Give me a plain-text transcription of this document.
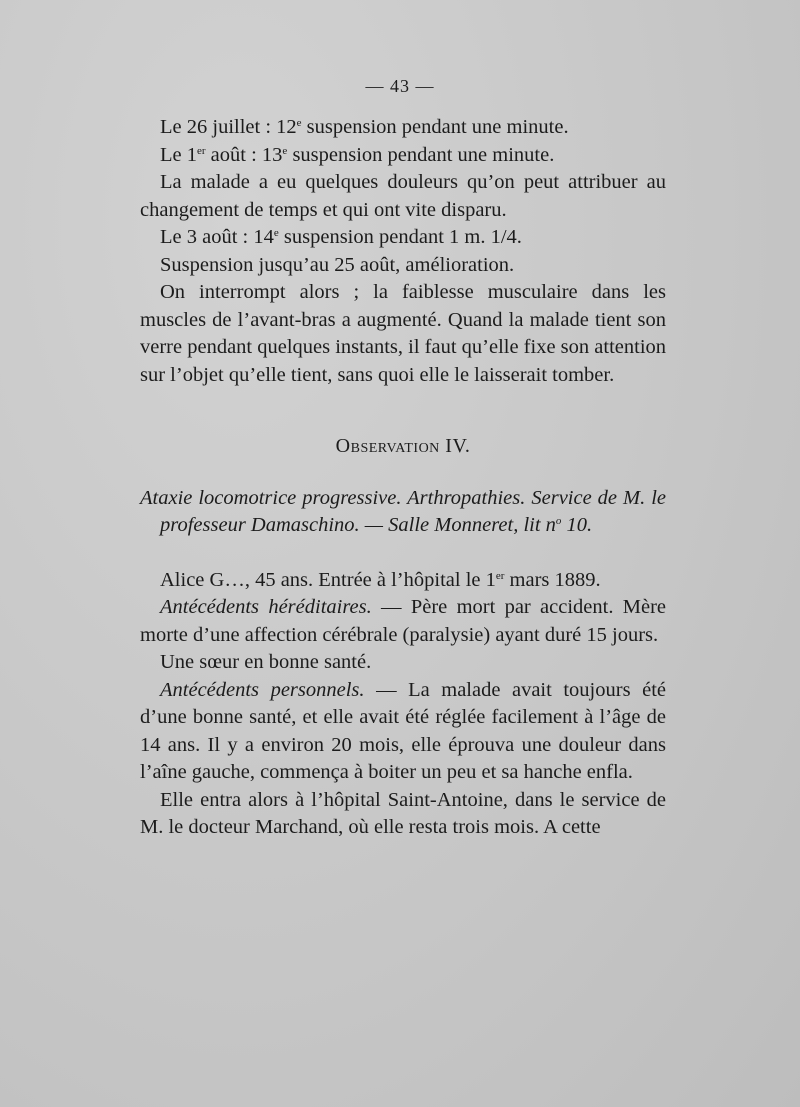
— 43 —

Le 26 juillet : 12e suspension pendant une minute.

Le 1er août : 13e suspension pendant une minute.

La malade a eu quelques douleurs qu’on peut attribuer au changement de temps et qui ont vite disparu.

Le 3 août : 14e suspension pendant 1 m. 1/4.

Suspension jusqu’au 25 août, amélioration.

On interrompt alors ; la faiblesse musculaire dans les muscles de l’avant-bras a augmenté. Quand la malade tient son verre pendant quelques instants, il faut qu’elle fixe son attention sur l’objet qu’elle tient, sans quoi elle le laisserait tomber.

Observation IV.

Ataxie locomotrice progressive. Arthropathies. Service de M. le professeur Damaschino. — Salle Monneret, lit $n^o$ 10.

Alice G…, 45 ans. Entrée à l’hôpital le 1er mars 1889.

Antécédents héréditaires. — Père mort par accident. Mère morte d’une affection cérébrale (paralysie) ayant duré 15 jours.

Une sœur en bonne santé.

Antécédents personnels. — La malade avait toujours été d’une bonne santé, et elle avait été réglée facilement à l’âge de 14 ans. Il y a environ 20 mois, elle éprouva une douleur dans l’aîne gauche, commença à boiter un peu et sa hanche enfla.

Elle entra alors à l’hôpital Saint-Antoine, dans le service de M. le docteur Marchand, où elle resta trois mois. A cette
